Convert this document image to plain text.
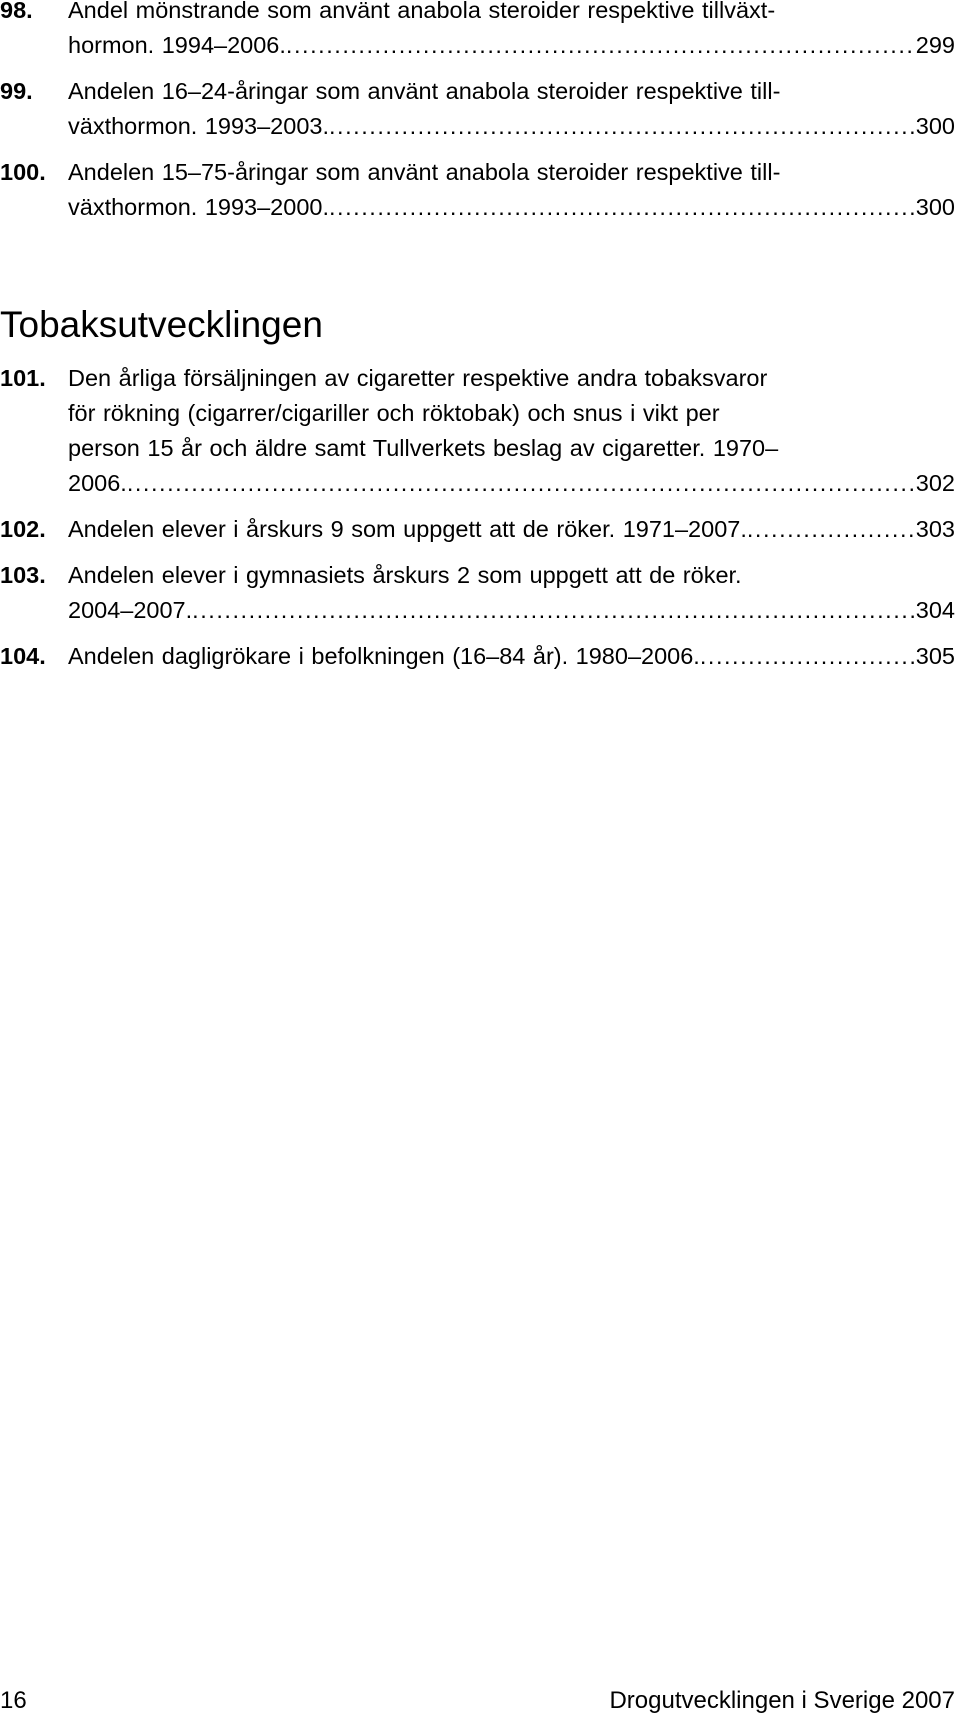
98. Andel mönstrande som använt anabola steroider respektive tillväxt-
hormon. 1994–2006. . . .	299
99. Andelen 16–24-åringar som använt anabola steroider respektive till-
växthormon. 1993–2003. . . .	300
100. Andelen 15–75-åringar som använt anabola steroider respektive till-
växthormon. 1993–2000. . . .	300
Tobaksutvecklingen
101. Den årliga försäljningen av cigaretter respektive andra tobaksvaror
för rökning (cigarrer/cigariller och röktobak) och snus i vikt per
person 15 år och äldre samt Tullverkets beslag av cigaretter. 1970–
2006. . . .	302
102. Andelen elever i årskurs 9 som uppgett att de röker. 1971–2007. . . .	303
103. Andelen elever i gymnasiets årskurs 2 som uppgett att de röker.
2004–2007. . . .	304
104. Andelen dagligrökare i befolkningen (16–84 år). 1980–2006. . . .	305
16	Drogutvecklingen i Sverige 2007
